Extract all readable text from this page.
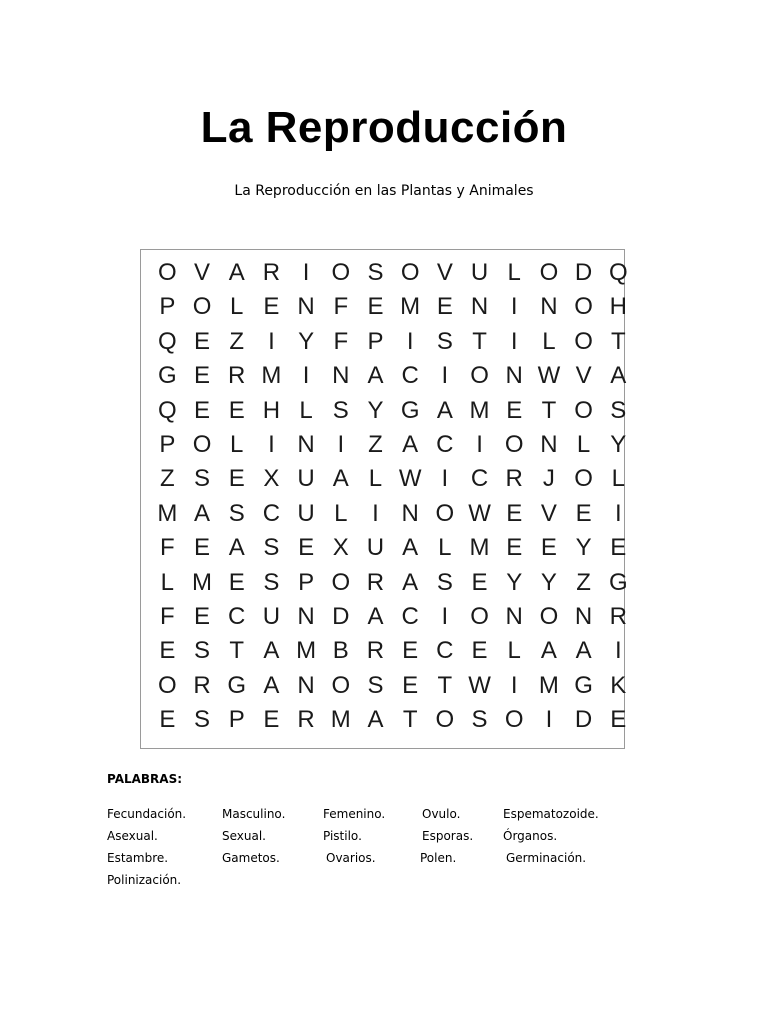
La Reproducción
La Reproducción en las Plantas y Animales
O V A R I O S O V U L O D Q
P O L E N F E M E N I N O H
Q E Z	I Y F P I S T	I	L O T
G E R M I N A C I O N W V A
Q E E H L S Y G A M E T O S
P O L	I N I	Z A C I O N L Y
Z S E X U A L W I C R J O L
M A S C U L	I N O W E V E I
F E A S E X U A L M E E Y E
L M E S P O R A S E Y Y Z G
F E C U N D A C I O N O N R
E S T A M B R E C E L A A I
O R G A N O S E T W I M G K
E S P E R M A T O S O I D E
PALABRAS:
Fecundación.	Masculino.	Femenino.	Ovulo.	Espematozoide.
Asexual.	Sexual.	Pistilo.	Esporas. Órganos.
Estambre.	Gametos.	Ovarios.	Polen.	Germinación.
Polinización.
